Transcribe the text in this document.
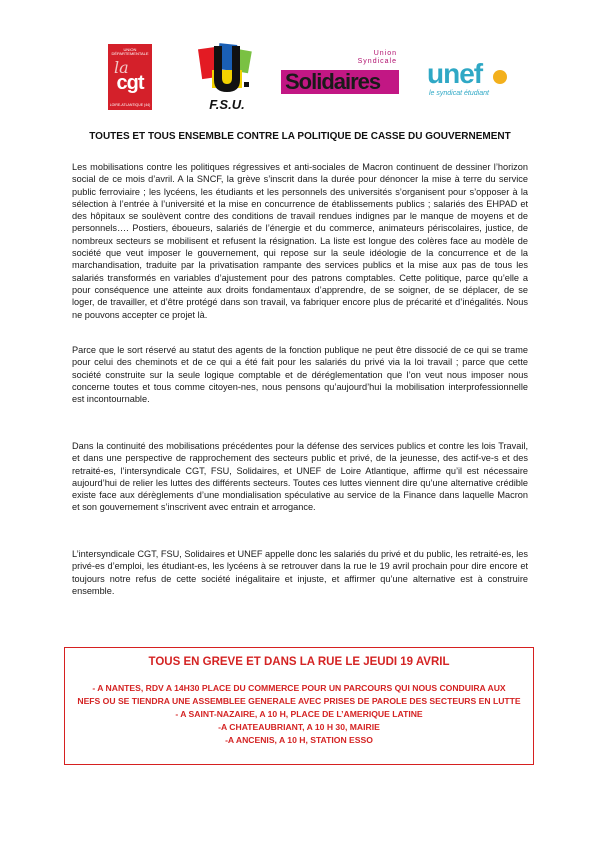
UNION DÉPARTEMENTALE
la
cgt
LOIRE-ATLANTIQUE (44)	F.S.U.
Union
Syndicale
Solidaires unef
le syndicat étudiant
TOUTES ET TOUS ENSEMBLE CONTRE LA POLITIQUE DE CASSE DU GOUVERNEMENT
Les mobilisations contre les politiques régressives et anti-sociales de Macron continuent de dessiner l’horizon social de ce mois d’avril. A la SNCF, la grève s’inscrit dans la durée pour dénoncer la mise à terre du service public ferroviaire ; les lycéens, les étudiants et les personnels des universités s’organisent pour s’opposer à la sélection à l’entrée à l’université et la mise en concurrence de établissements publics ; salariés des EHPAD et des hôpitaux se soulèvent contre des conditions de travail rendues indignes par le manque de moyens et de personnels…. Postiers, éboueurs, salariés de l’énergie et du commerce, animateurs périscolaires, justice, de nombreux secteurs se mobilisent et refusent la résignation. La liste est longue des colères face au modèle de société que veut imposer le gouvernement, qui repose sur la seule idéologie de la concurrence et de la marchandisation, traduite par la privatisation rampante des services publics et la mise aux pas de tous les salariés transformés en variables d’ajustement pour des patrons comptables. Cette politique, parce qu’elle a pour conséquence une atteinte aux droits fondamentaux d’apprendre, de se soigner, de se déplacer, de se loger, de travailler, et d’être protégé dans son travail, va fabriquer encore plus de précarité et d’inégalités. Nous ne pouvons accepter ce projet là.
Parce que le sort réservé au statut des agents de la fonction publique ne peut être dissocié de ce qui se trame pour celui des cheminots et de ce qui a été fait pour les salariés du privé via la loi travail ; parce que cette société construite sur la seule logique comptable et de déréglementation que l’on veut nous imposer nous concerne toutes et tous comme citoyen-nes, nous pensons qu’aujourd’hui la mobilisation interprofessionnelle est incontournable.
Dans la continuité des mobilisations précédentes pour la défense des services publics et contre les lois Travail, et dans une perspective de rapprochement des secteurs public et privé, de la jeunesse, des actif-ve-s et des retraité-es, l’intersyndicale CGT, FSU, Solidaires, et UNEF de Loire Atlantique, affirme qu’il est nécessaire aujourd’hui de relier les luttes des différents secteurs. Toutes ces luttes viennent dire qu’une alternative crédible existe face aux dérèglements d’une mondialisation spéculative au service de la Finance dans laquelle Macron et son gouvernement s’inscrivent avec entrain et arrogance.
L’intersyndicale CGT, FSU, Solidaires et UNEF appelle donc les salariés du privé et du public, les retraité-es, les privé-es d’emploi, les étudiant-es, les lycéens à se retrouver dans la rue le 19 avril prochain pour dire encore et toujours notre refus de cette société inégalitaire et injuste, et affirmer qu’une alternative est à construire ensemble.
TOUS EN GREVE ET DANS LA RUE LE JEUDI 19 AVRIL
- A NANTES, RDV A 14H30 PLACE DU COMMERCE POUR UN PARCOURS QUI NOUS CONDUIRA AUX
NEFS OU SE TIENDRA UNE ASSEMBLEE GENERALE AVEC PRISES DE PAROLE DES SECTEURS EN LUTTE
- A SAINT-NAZAIRE, A 10 H, PLACE DE L’AMERIQUE LATINE
-A CHATEAUBRIANT, A 10 H 30, MAIRIE
-A ANCENIS, A 10 H, STATION ESSO
